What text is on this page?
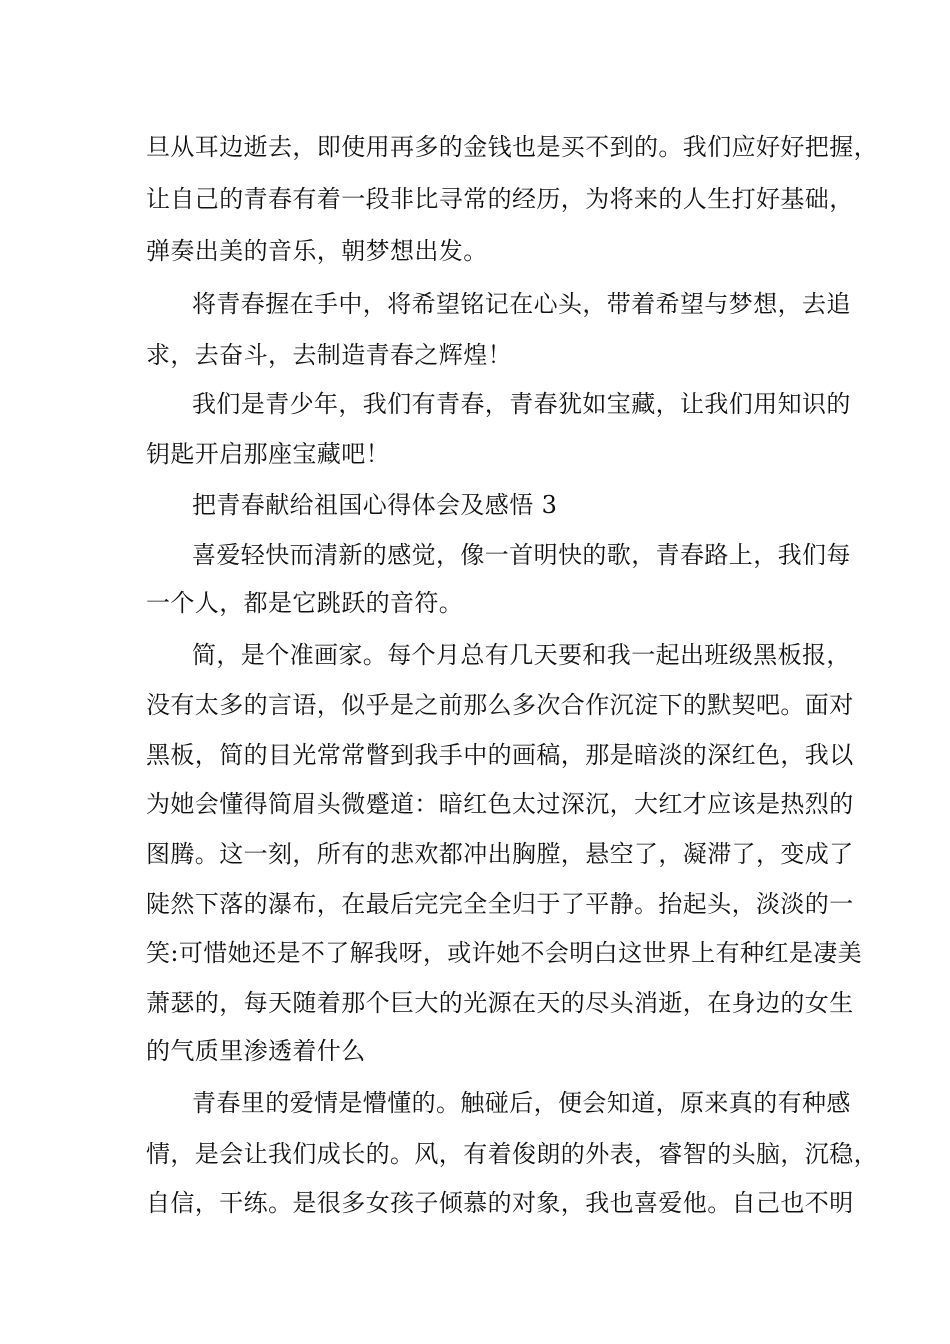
旦从耳边逝去，即使用再多的金钱也是买不到的。我们应好好把握，
让自己的青春有着一段非比寻常的经历，为将来的人生打好基础，
弹奏出美的音乐，朝梦想出发。
将青春握在手中，将希望铭记在心头，带着希望与梦想，去追
求，去奋斗，去制造青春之辉煌！
我们是青少年，我们有青春，青春犹如宝藏，让我们用知识的
钥匙开启那座宝藏吧！
把青春献给祖国心得体会及感悟 3
喜爱轻快而清新的感觉，像一首明快的歌，青春路上，我们每
一个人，都是它跳跃的音符。
简，是个准画家。每个月总有几天要和我一起出班级黑板报，
没有太多的言语，似乎是之前那么多次合作沉淀下的默契吧。面对
黑板，简的目光常常瞥到我手中的画稿，那是暗淡的深红色，我以
为她会懂得简眉头微蹙道：暗红色太过深沉，大红才应该是热烈的
图腾。这一刻，所有的悲欢都冲出胸膛，悬空了，凝滞了，变成了
陡然下落的瀑布，在最后完完全全归于了平静。抬起头，淡淡的一
笑:可惜她还是不了解我呀，或许她不会明白这世界上有种红是凄美
萧瑟的，每天随着那个巨大的光源在天的尽头消逝，在身边的女生
的气质里渗透着什么
青春里的爱情是懵懂的。触碰后，便会知道，原来真的有种感
情，是会让我们成长的。风，有着俊朗的外表，睿智的头脑，沉稳，
自信，干练。是很多女孩子倾慕的对象，我也喜爱他。自己也不明
